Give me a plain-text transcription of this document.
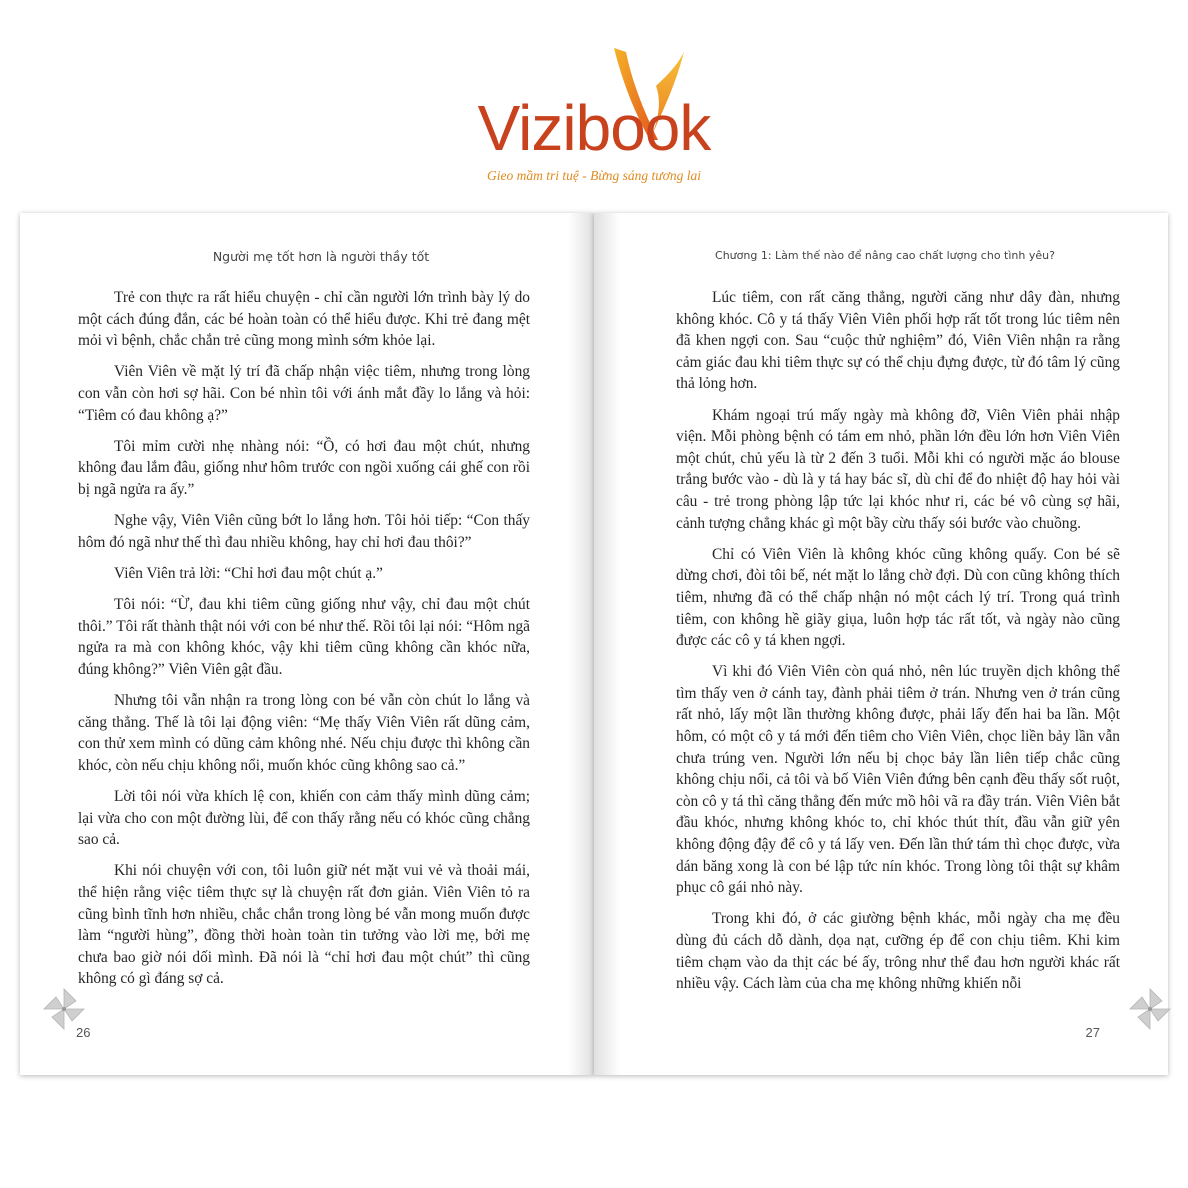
Vizibook
Gieo mầm tri tuệ - Bừng sáng tương lai
Người mẹ tốt hơn là người thầy tốt

Trẻ con thực ra rất hiểu chuyện - chỉ cần người lớn trình bày lý do một cách đúng đắn, các bé hoàn toàn có thể hiểu được. Khi trẻ đang mệt mỏi vì bệnh, chắc chắn trẻ cũng mong mình sớm khỏe lại.

Viên Viên về mặt lý trí đã chấp nhận việc tiêm, nhưng trong lòng con vẫn còn hơi sợ hãi. Con bé nhìn tôi với ánh mắt đầy lo lắng và hỏi: “Tiêm có đau không ạ?”

Tôi mỉm cười nhẹ nhàng nói: “Ồ, có hơi đau một chút, nhưng không đau lắm đâu, giống như hôm trước con ngồi xuống cái ghế con rồi bị ngã ngửa ra ấy.”

Nghe vậy, Viên Viên cũng bớt lo lắng hơn. Tôi hỏi tiếp: “Con thấy hôm đó ngã như thế thì đau nhiều không, hay chỉ hơi đau thôi?”

Viên Viên trả lời: “Chỉ hơi đau một chút ạ.”

Tôi nói: “Ừ, đau khi tiêm cũng giống như vậy, chỉ đau một chút thôi.” Tôi rất thành thật nói với con bé như thế. Rồi tôi lại nói: “Hôm ngã ngửa ra mà con không khóc, vậy khi tiêm cũng không cần khóc nữa, đúng không?” Viên Viên gật đầu.

Nhưng tôi vẫn nhận ra trong lòng con bé vẫn còn chút lo lắng và căng thẳng. Thế là tôi lại động viên: “Mẹ thấy Viên Viên rất dũng cảm, con thử xem mình có dũng cảm không nhé. Nếu chịu được thì không cần khóc, còn nếu chịu không nổi, muốn khóc cũng không sao cả.”

Lời tôi nói vừa khích lệ con, khiến con cảm thấy mình dũng cảm; lại vừa cho con một đường lùi, để con thấy rằng nếu có khóc cũng chẳng sao cả.

Khi nói chuyện với con, tôi luôn giữ nét mặt vui vẻ và thoải mái, thể hiện rằng việc tiêm thực sự là chuyện rất đơn giản. Viên Viên tỏ ra cũng bình tĩnh hơn nhiều, chắc chắn trong lòng bé vẫn mong muốn được làm “người hùng”, đồng thời hoàn toàn tin tưởng vào lời mẹ, bởi mẹ chưa bao giờ nói dối mình. Đã nói là “chỉ hơi đau một chút” thì cũng không có gì đáng sợ cả.

26
Chương 1: Làm thế nào để nâng cao chất lượng cho tình yêu?

Lúc tiêm, con rất căng thẳng, người căng như dây đàn, nhưng không khóc. Cô y tá thấy Viên Viên phối hợp rất tốt trong lúc tiêm nên đã khen ngợi con. Sau “cuộc thử nghiệm” đó, Viên Viên nhận ra rằng cảm giác đau khi tiêm thực sự có thể chịu đựng được, từ đó tâm lý cũng thả lỏng hơn.

Khám ngoại trú mấy ngày mà không đỡ, Viên Viên phải nhập viện. Mỗi phòng bệnh có tám em nhỏ, phần lớn đều lớn hơn Viên Viên một chút, chủ yếu là từ 2 đến 3 tuổi. Mỗi khi có người mặc áo blouse trắng bước vào - dù là y tá hay bác sĩ, dù chỉ để đo nhiệt độ hay hỏi vài câu - trẻ trong phòng lập tức lại khóc như ri, các bé vô cùng sợ hãi, cảnh tượng chẳng khác gì một bầy cừu thấy sói bước vào chuồng.

Chỉ có Viên Viên là không khóc cũng không quấy. Con bé sẽ dừng chơi, đòi tôi bế, nét mặt lo lắng chờ đợi. Dù con cũng không thích tiêm, nhưng đã có thể chấp nhận nó một cách lý trí. Trong quá trình tiêm, con không hề giãy giụa, luôn hợp tác rất tốt, và ngày nào cũng được các cô y tá khen ngợi.

Vì khi đó Viên Viên còn quá nhỏ, nên lúc truyền dịch không thể tìm thấy ven ở cánh tay, đành phải tiêm ở trán. Nhưng ven ở trán cũng rất nhỏ, lấy một lần thường không được, phải lấy đến hai ba lần. Một hôm, có một cô y tá mới đến tiêm cho Viên Viên, chọc liền bảy lần vẫn chưa trúng ven. Người lớn nếu bị chọc bảy lần liên tiếp chắc cũng không chịu nổi, cả tôi và bố Viên Viên đứng bên cạnh đều thấy sốt ruột, còn cô y tá thì căng thẳng đến mức mồ hôi vã ra đầy trán. Viên Viên bắt đầu khóc, nhưng không khóc to, chỉ khóc thút thít, đầu vẫn giữ yên không động đậy để cô y tá lấy ven. Đến lần thứ tám thì chọc được, vừa dán băng xong là con bé lập tức nín khóc. Trong lòng tôi thật sự khâm phục cô gái nhỏ này.

Trong khi đó, ở các giường bệnh khác, mỗi ngày cha mẹ đều dùng đủ cách dỗ dành, dọa nạt, cưỡng ép để con chịu tiêm. Khi kim tiêm chạm vào da thịt các bé ấy, trông như thể đau hơn người khác rất nhiều vậy. Cách làm của cha mẹ không những khiến nỗi

27
